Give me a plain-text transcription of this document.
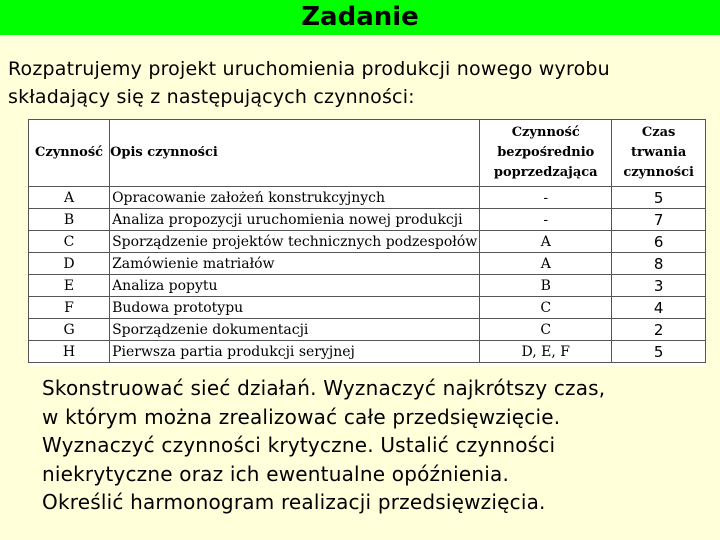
Zadanie
Rozpatrujemy projekt uruchomienia produkcji nowego wyrobu
składający się z następujących czynności:
Czynność	Opis czynności	Czynność bezpośrednio poprzedzająca	Czas trwania czynności
A	Opracowanie założeń konstrukcyjnych	-	5
B	Analiza propozycji uruchomienia nowej produkcji	-	7
C	Sporządzenie projektów technicznych podzespołów	A	6
D	Zamówienie matriałów	A	8
E	Analiza popytu	B	3
F	Budowa prototypu	C	4
G	Sporządzenie dokumentacji	C	2
H	Pierwsza partia produkcji seryjnej	D, E, F	5
Skonstruować sieć działań. Wyznaczyć najkrótszy czas,
w którym można zrealizować całe przedsięwzięcie.
Wyznaczyć czynności krytyczne. Ustalić czynności
niekrytyczne oraz ich ewentualne opóźnienia.
Określić harmonogram realizacji przedsięwzięcia.
